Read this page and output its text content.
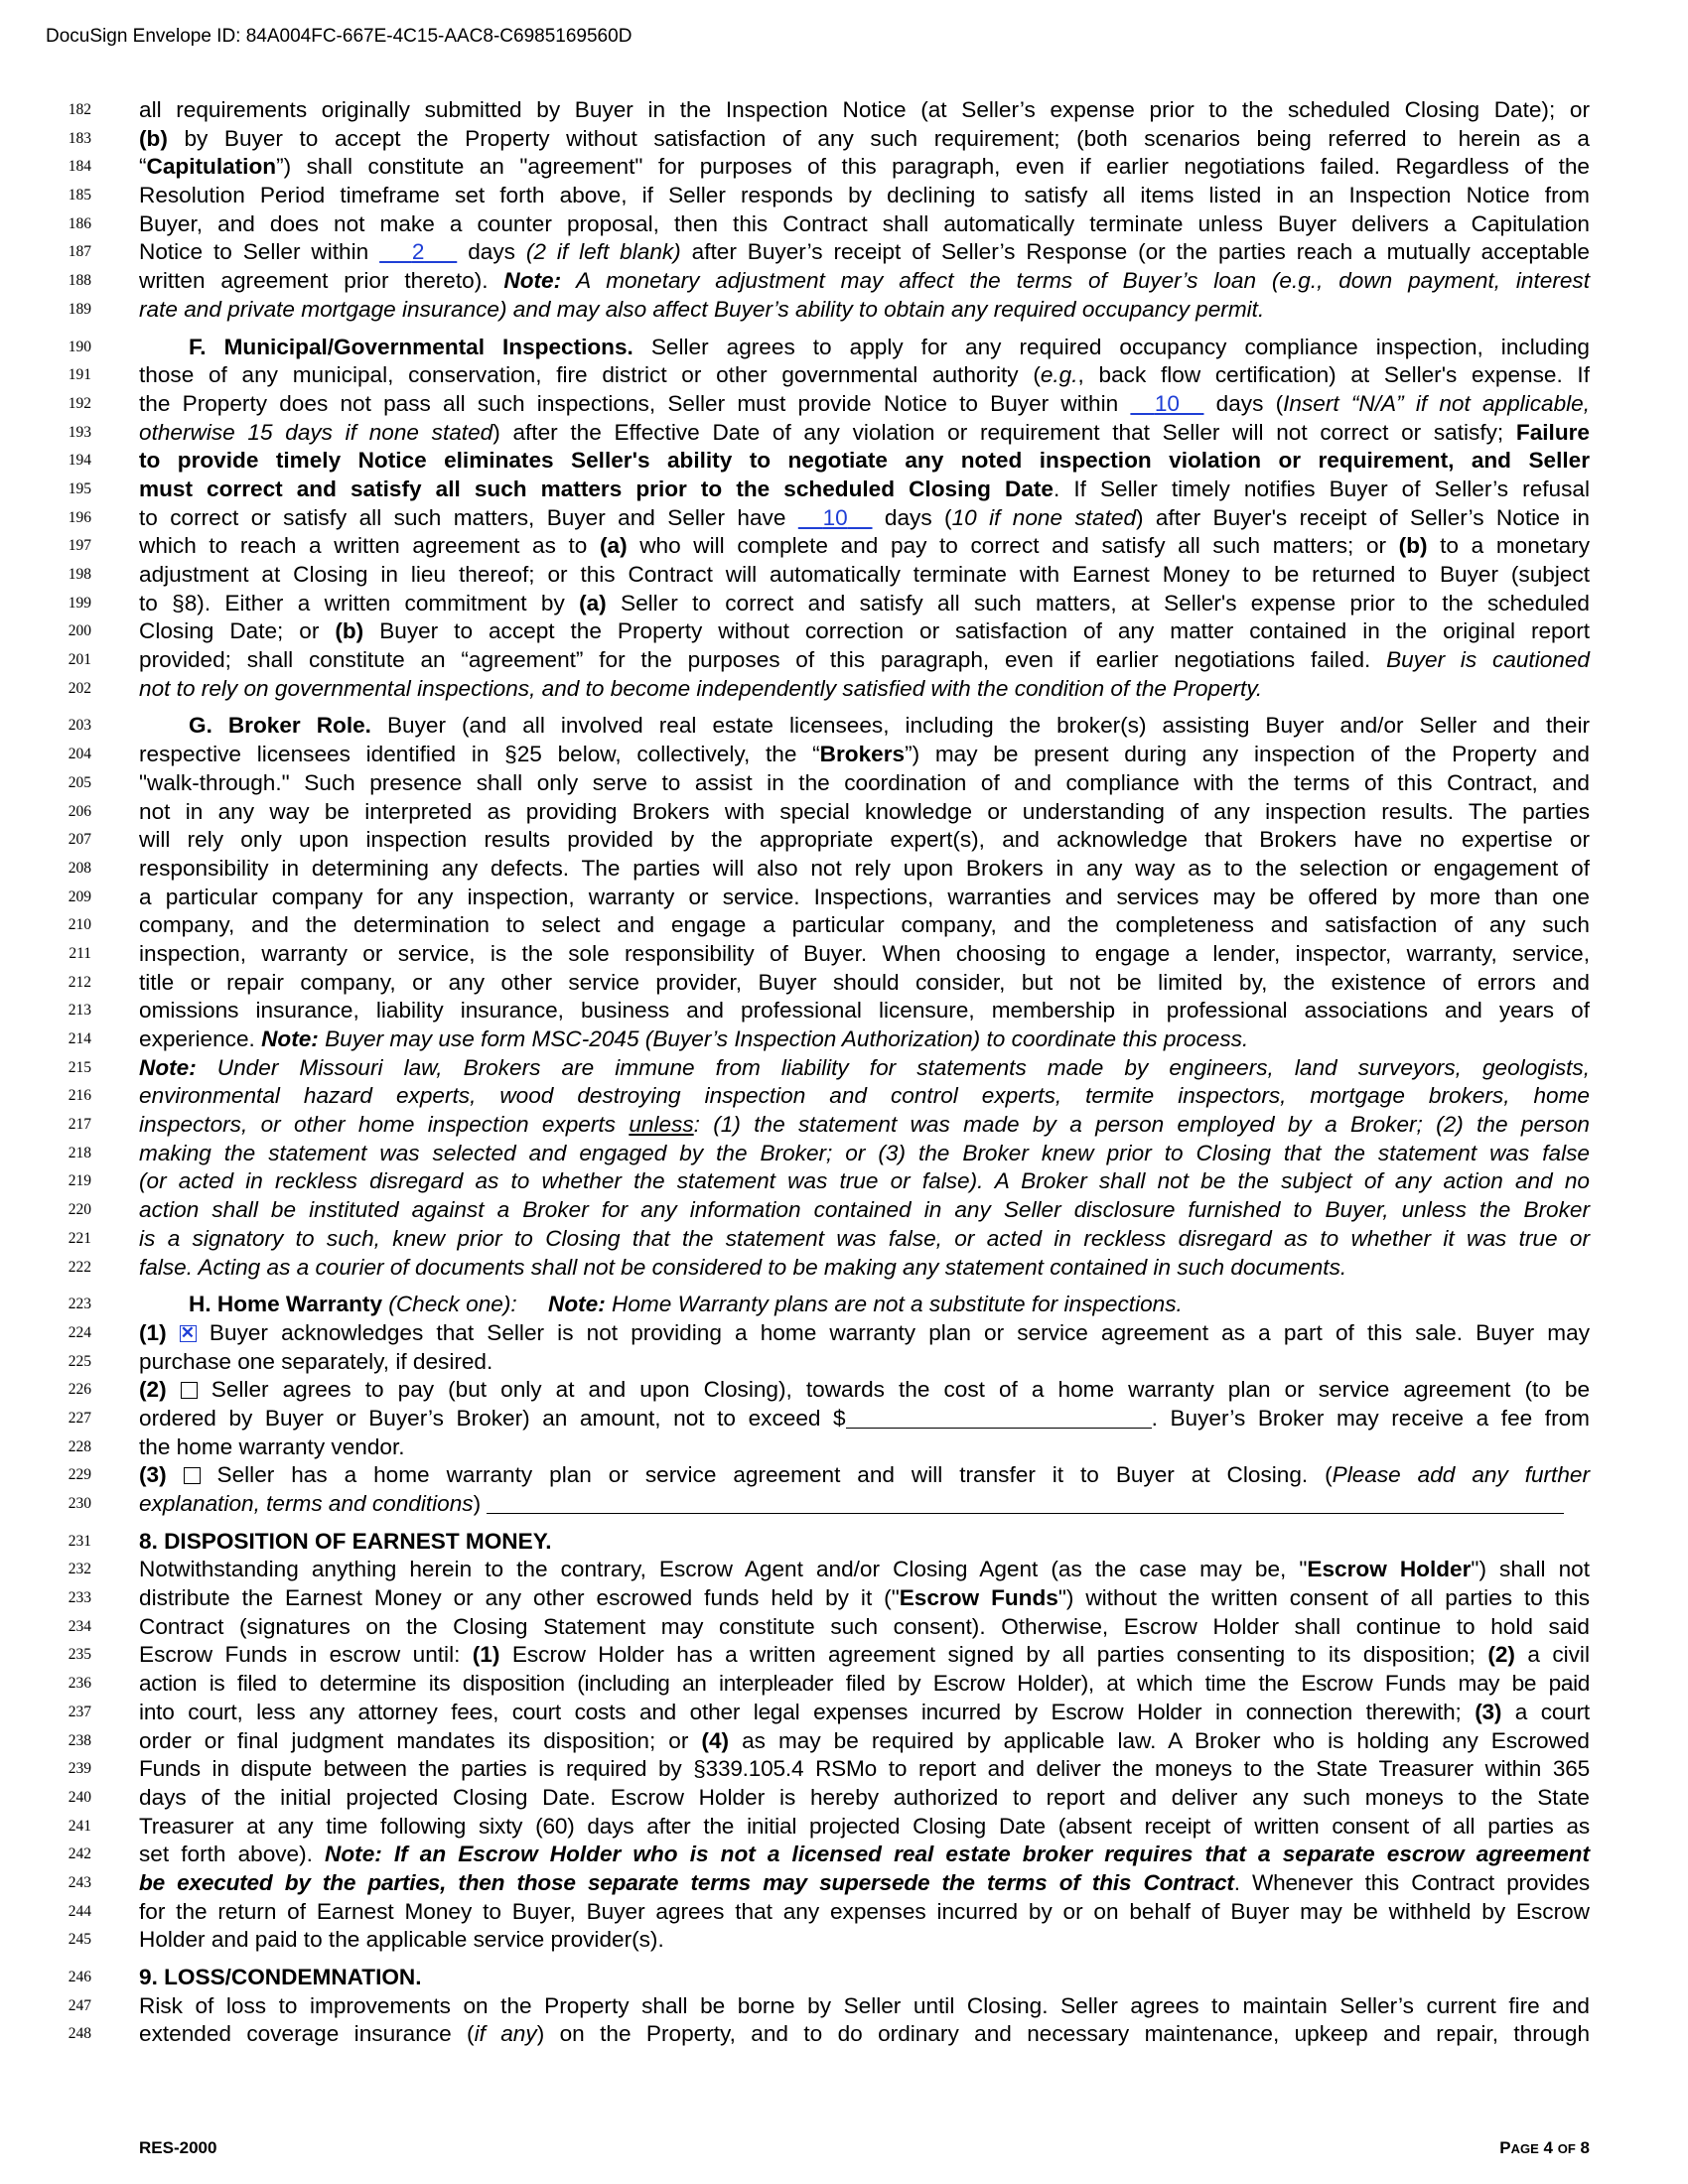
DocuSign Envelope ID: 84A004FC-667E-4C15-AAC8-C6985169560D
182 all requirements originally submitted by Buyer in the Inspection Notice (at Seller’s expense prior to the scheduled Closing Date); or
183 (b) by Buyer to accept the Property without satisfaction of any such requirement; (both scenarios being referred to herein as a
184 “Capitulation”) shall constitute an "agreement" for purposes of this paragraph, even if earlier negotiations failed. Regardless of the
185 Resolution Period timeframe set forth above, if Seller responds by declining to satisfy all items listed in an Inspection Notice from
186 Buyer, and does not make a counter proposal, then this Contract shall automatically terminate unless Buyer delivers a Capitulation
187 Notice to Seller within    2    days (2 if left blank) after Buyer’s receipt of Seller’s Response (or the parties reach a mutually acceptable
188 written agreement prior thereto). Note: A monetary adjustment may affect the terms of Buyer’s loan (e.g., down payment, interest
189 rate and private mortgage insurance) and may also affect Buyer’s ability to obtain any required occupancy permit.
190	F. Municipal/Governmental Inspections. Seller agrees to apply for any required occupancy compliance inspection, including
191 those of any municipal, conservation, fire district or other governmental authority (e.g., back flow certification) at Seller's expense. If
192 the Property does not pass all such inspections, Seller must provide Notice to Buyer within   10   days (Insert “N/A” if not applicable,
193 otherwise 15 days if none stated) after the Effective Date of any violation or requirement that Seller will not correct or satisfy; Failure
194 to provide timely Notice eliminates Seller's ability to negotiate any noted inspection violation or requirement, and Seller
195 must correct and satisfy all such matters prior to the scheduled Closing Date. If Seller timely notifies Buyer of Seller’s refusal
196 to correct or satisfy all such matters, Buyer and Seller have   10   days (10 if none stated) after Buyer's receipt of Seller’s Notice in
197 which to reach a written agreement as to (a) who will complete and pay to correct and satisfy all such matters; or (b) to a monetary
198 adjustment at Closing in lieu thereof; or this Contract will automatically terminate with Earnest Money to be returned to Buyer (subject
199 to §8). Either a written commitment by (a) Seller to correct and satisfy all such matters, at Seller's expense prior to the scheduled
200 Closing Date; or (b) Buyer to accept the Property without correction or satisfaction of any matter contained in the original report
201 provided; shall constitute an “agreement” for the purposes of this paragraph, even if earlier negotiations failed. Buyer is cautioned
202 not to rely on governmental inspections, and to become independently satisfied with the condition of the Property.
203	G. Broker Role. Buyer (and all involved real estate licensees, including the broker(s) assisting Buyer and/or Seller and their
204 respective licensees identified in §25 below, collectively, the “Brokers”) may be present during any inspection of the Property and
205 "walk-through." Such presence shall only serve to assist in the coordination of and compliance with the terms of this Contract, and
206 not in any way be interpreted as providing Brokers with special knowledge or understanding of any inspection results. The parties
207 will rely only upon inspection results provided by the appropriate expert(s), and acknowledge that Brokers have no expertise or
208 responsibility in determining any defects. The parties will also not rely upon Brokers in any way as to the selection or engagement of
209 a particular company for any inspection, warranty or service. Inspections, warranties and services may be offered by more than one
210 company, and the determination to select and engage a particular company, and the completeness and satisfaction of any such
211 inspection, warranty or service, is the sole responsibility of Buyer. When choosing to engage a lender, inspector, warranty, service,
212 title or repair company, or any other service provider, Buyer should consider, but not be limited by, the existence of errors and
213 omissions insurance, liability insurance, business and professional licensure, membership in professional associations and years of
214 experience. Note: Buyer may use form MSC-2045 (Buyer’s Inspection Authorization) to coordinate this process.
215 Note: Under Missouri law, Brokers are immune from liability for statements made by engineers, land surveyors, geologists,
216 environmental hazard experts, wood destroying inspection and control experts, termite inspectors, mortgage brokers, home
217 inspectors, or other home inspection experts unless: (1) the statement was made by a person employed by a Broker; (2) the person
218 making the statement was selected and engaged by the Broker; or (3) the Broker knew prior to Closing that the statement was false
219 (or acted in reckless disregard as to whether the statement was true or false). A Broker shall not be the subject of any action and no
220 action shall be instituted against a Broker for any information contained in any Seller disclosure furnished to Buyer, unless the Broker
221 is a signatory to such, knew prior to Closing that the statement was false, or acted in reckless disregard as to whether it was true or
222 false. Acting as a courier of documents shall not be considered to be making any statement contained in such documents.
223	H. Home Warranty (Check one): Note: Home Warranty plans are not a substitute for inspections.
224 (1) ✕ Buyer acknowledges that Seller is not providing a home warranty plan or service agreement as a part of this sale. Buyer may
225 purchase one separately, if desired.
226 (2)  Seller agrees to pay (but only at and upon Closing), towards the cost of a home warranty plan or service agreement (to be
227 ordered by Buyer or Buyer’s Broker) an amount, not to exceed $	. Buyer’s Broker may receive a fee from
228 the home warranty vendor.
229 (3)  Seller has a home warranty plan or service agreement and will transfer it to Buyer at Closing. (Please add any further
230 explanation, terms and conditions)
231 8. DISPOSITION OF EARNEST MONEY.
232 Notwithstanding anything herein to the contrary, Escrow Agent and/or Closing Agent (as the case may be, "Escrow Holder") shall not
233 distribute the Earnest Money or any other escrowed funds held by it ("Escrow Funds") without the written consent of all parties to this
234 Contract (signatures on the Closing Statement may constitute such consent). Otherwise, Escrow Holder shall continue to hold said
235 Escrow Funds in escrow until: (1) Escrow Holder has a written agreement signed by all parties consenting to its disposition; (2) a civil
236 action is filed to determine its disposition (including an interpleader filed by Escrow Holder), at which time the Escrow Funds may be paid
237 into court, less any attorney fees, court costs and other legal expenses incurred by Escrow Holder in connection therewith; (3) a court
238 order or final judgment mandates its disposition; or (4) as may be required by applicable law. A Broker who is holding any Escrowed
239 Funds in dispute between the parties is required by §339.105.4 RSMo to report and deliver the moneys to the State Treasurer within 365
240 days of the initial projected Closing Date. Escrow Holder is hereby authorized to report and deliver any such moneys to the State
241 Treasurer at any time following sixty (60) days after the initial projected Closing Date (absent receipt of written consent of all parties as
242 set forth above). Note: If an Escrow Holder who is not a licensed real estate broker requires that a separate escrow agreement
243 be executed by the parties, then those separate terms may supersede the terms of this Contract. Whenever this Contract provides
244 for the return of Earnest Money to Buyer, Buyer agrees that any expenses incurred by or on behalf of Buyer may be withheld by Escrow
245 Holder and paid to the applicable service provider(s).
246 9. LOSS/CONDEMNATION.
247 Risk of loss to improvements on the Property shall be borne by Seller until Closing. Seller agrees to maintain Seller’s current fire and
248 extended coverage insurance (if any) on the Property, and to do ordinary and necessary maintenance, upkeep and repair, through
RES-2000	PAGE 4 OF 8
